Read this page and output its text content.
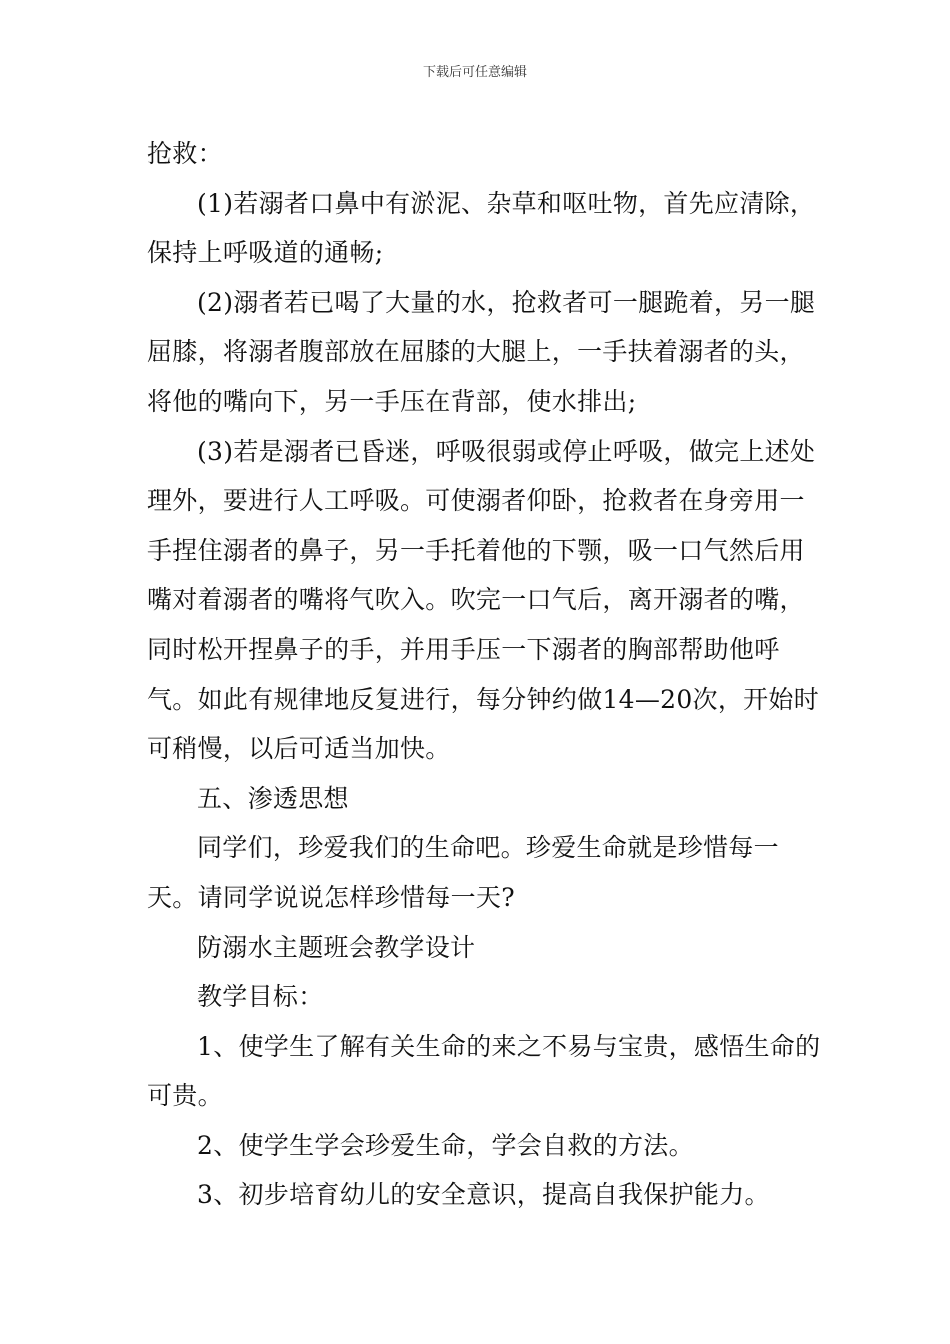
下载后可任意编辑

抢救：

(1)若溺者口鼻中有淤泥、杂草和呕吐物，首先应清除，保持上呼吸道的通畅;

(2)溺者若已喝了大量的水，抢救者可一腿跪着，另一腿屈膝，将溺者腹部放在屈膝的大腿上，一手扶着溺者的头，将他的嘴向下，另一手压在背部，使水排出;

(3)若是溺者已昏迷，呼吸很弱或停止呼吸，做完上述处理外，要进行人工呼吸。可使溺者仰卧，抢救者在身旁用一手捏住溺者的鼻子，另一手托着他的下颚，吸一口气然后用嘴对着溺者的嘴将气吹入。吹完一口气后，离开溺者的嘴，同时松开捏鼻子的手，并用手压一下溺者的胸部帮助他呼气。如此有规律地反复进行，每分钟约做14—20次，开始时可稍慢，以后可适当加快。

五、渗透思想

同学们，珍爱我们的生命吧。珍爱生命就是珍惜每一天。请同学说说怎样珍惜每一天?

防溺水主题班会教学设计

教学目标：

1、使学生了解有关生命的来之不易与宝贵，感悟生命的可贵。

2、使学生学会珍爱生命，学会自救的方法。

3、初步培育幼儿的安全意识，提高自我保护能力。
